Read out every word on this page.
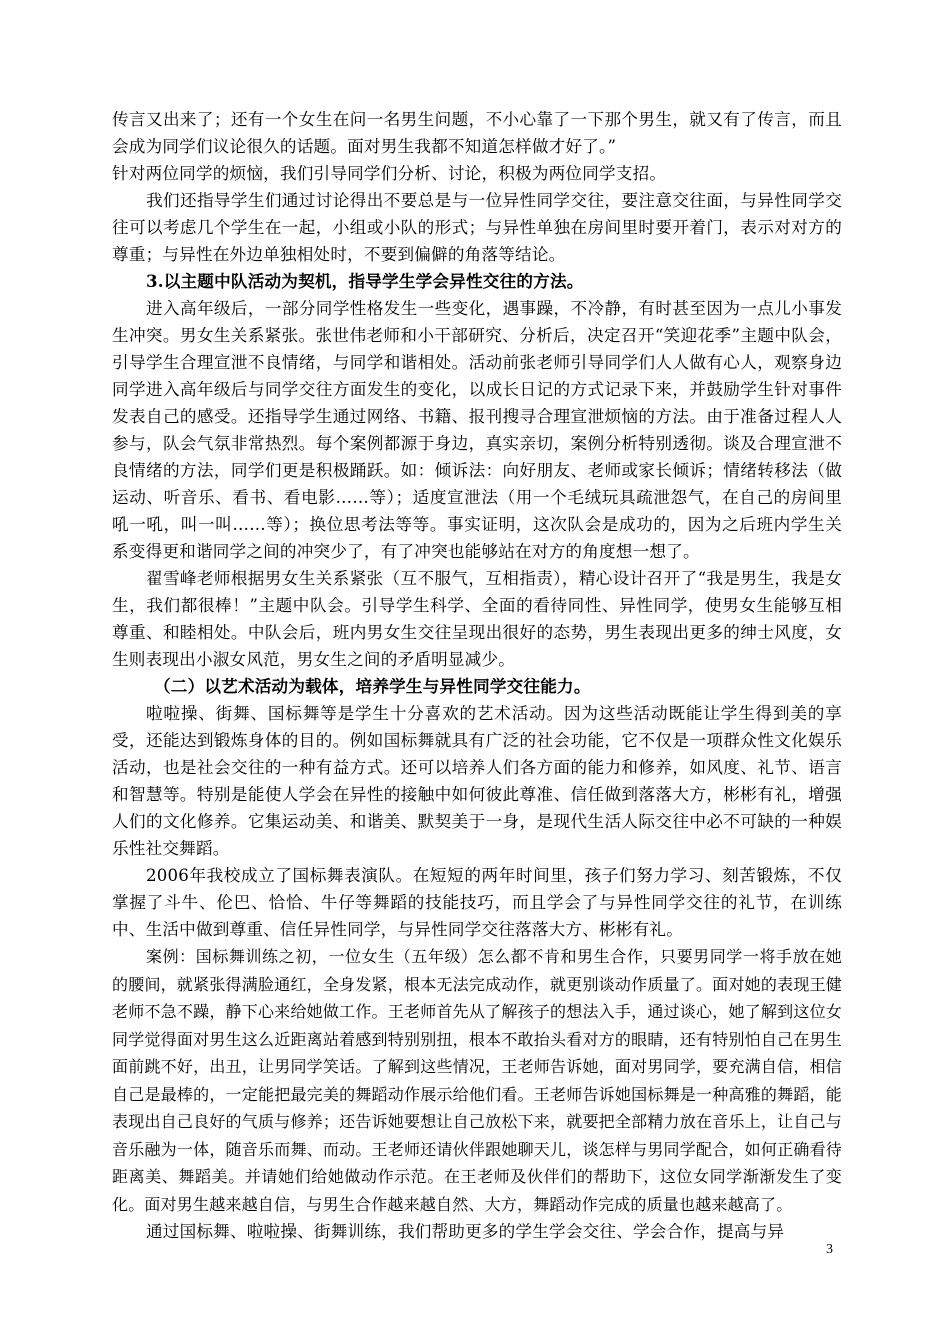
传言又出来了；还有一个女生在问一名男生问题，不小心靠了一下那个男生，就又有了传言，而且会成为同学们议论很久的话题。面对男生我都不知道怎样做才好了。”

针对两位同学的烦恼，我们引导同学们分析、讨论，积极为两位同学支招。

我们还指导学生们通过讨论得出不要总是与一位异性同学交往，要注意交往面，与异性同学交往可以考虑几个学生在一起，小组或小队的形式；与异性单独在房间里时要开着门，表示对对方的尊重；与异性在外边单独相处时，不要到偏僻的角落等结论。

3.以主题中队活动为契机，指导学生学会异性交往的方法。

进入高年级后，一部分同学性格发生一些变化，遇事躁，不冷静，有时甚至因为一点儿小事发生冲突。男女生关系紧张。张世伟老师和小干部研究、分析后，决定召开“笑迎花季”主题中队会，引导学生合理宣泄不良情绪，与同学和谐相处。活动前张老师引导同学们人人做有心人，观察身边同学进入高年级后与同学交往方面发生的变化，以成长日记的方式记录下来，并鼓励学生针对事件发表自己的感受。还指导学生通过网络、书籍、报刊搜寻合理宣泄烦恼的方法。由于准备过程人人参与，队会气氛非常热烈。每个案例都源于身边，真实亲切，案例分析特别透彻。谈及合理宣泄不良情绪的方法，同学们更是积极踊跃。如：倾诉法：向好朋友、老师或家长倾诉；情绪转移法（做运动、听音乐、看书、看电影……等）；适度宣泄法（用一个毛绒玩具疏泄怨气，在自己的房间里吼一吼，叫一叫……等）；换位思考法等等。事实证明，这次队会是成功的，因为之后班内学生关系变得更和谐同学之间的冲突少了，有了冲突也能够站在对方的角度想一想了。

翟雪峰老师根据男女生关系紧张（互不服气，互相指责），精心设计召开了“我是男生，我是女生，我们都很棒！”主题中队会。引导学生科学、全面的看待同性、异性同学，使男女生能够互相尊重、和睦相处。中队会后，班内男女生交往呈现出很好的态势，男生表现出更多的绅士风度，女生则表现出小淑女风范，男女生之间的矛盾明显减少。

（二）以艺术活动为载体，培养学生与异性同学交往能力。

啦啦操、街舞、国标舞等是学生十分喜欢的艺术活动。因为这些活动既能让学生得到美的享受，还能达到锻炼身体的目的。例如国标舞就具有广泛的社会功能，它不仅是一项群众性文化娱乐活动，也是社会交往的一种有益方式。还可以培养人们各方面的能力和修养，如风度、礼节、语言和智慧等。特别是能使人学会在异性的接触中如何彼此尊准、信任做到落落大方，彬彬有礼，增强人们的文化修养。它集运动美、和谐美、默契美于一身，是现代生活人际交往中必不可缺的一种娱乐性社交舞蹈。

2006年我校成立了国标舞表演队。在短短的两年时间里，孩子们努力学习、刻苦锻炼，不仅掌握了斗牛、伦巴、恰恰、牛仔等舞蹈的技能技巧，而且学会了与异性同学交往的礼节，在训练中、生活中做到尊重、信任异性同学，与异性同学交往落落大方、彬彬有礼。

案例：国标舞训练之初，一位女生（五年级）怎么都不肯和男生合作，只要男同学一将手放在她的腰间，就紧张得满脸通红，全身发紧，根本无法完成动作，就更别谈动作质量了。面对她的表现王健老师不急不躁，静下心来给她做工作。王老师首先从了解孩子的想法入手，通过谈心，她了解到这位女同学觉得面对男生这么近距离站着感到特别别扭，根本不敢抬头看对方的眼睛，还有特别怕自己在男生面前跳不好，出丑，让男同学笑话。了解到这些情况，王老师告诉她，面对男同学，要充满自信，相信自己是最棒的，一定能把最完美的舞蹈动作展示给他们看。王老师告诉她国标舞是一种高雅的舞蹈，能表现出自己良好的气质与修养；还告诉她要想让自己放松下来，就要把全部精力放在音乐上，让自己与音乐融为一体，随音乐而舞、而动。王老师还请伙伴跟她聊天儿，谈怎样与男同学配合，如何正确看待距离美、舞蹈美。并请她们给她做动作示范。在王老师及伙伴们的帮助下，这位女同学渐渐发生了变化。面对男生越来越自信，与男生合作越来越自然、大方，舞蹈动作完成的质量也越来越高了。

通过国标舞、啦啦操、街舞训练，我们帮助更多的学生学会交往、学会合作，提高与异

3
